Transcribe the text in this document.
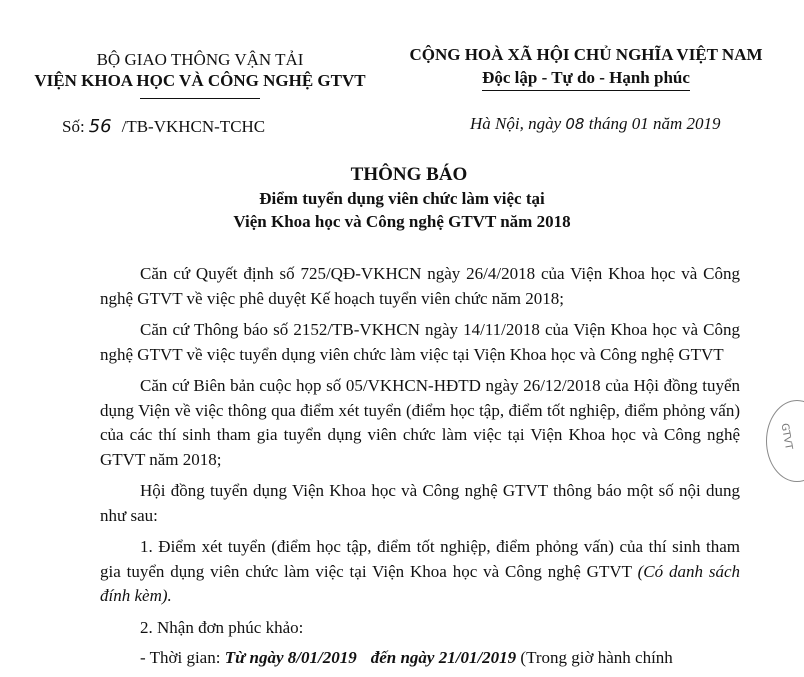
BỘ GIAO THÔNG VẬN TẢI
VIỆN KHOA HỌC VÀ CÔNG NGHỆ GTVT
CỘNG HOÀ XÃ HỘI CHỦ NGHĨA VIỆT NAM
Độc lập - Tự do - Hạnh phúc
Số: 56 /TB-VKHCN-TCHC	Hà Nội, ngày 08 tháng 01 năm 2019
THÔNG BÁO
Điểm tuyển dụng viên chức làm việc tại
Viện Khoa học và Công nghệ GTVT năm 2018

Căn cứ Quyết định số 725/QĐ-VKHCN ngày 26/4/2018 của Viện Khoa học và Công nghệ GTVT về việc phê duyệt Kế hoạch tuyển viên chức năm 2018;

Căn cứ Thông báo số 2152/TB-VKHCN ngày 14/11/2018 của Viện Khoa học và Công nghệ GTVT về việc tuyển dụng viên chức làm việc tại Viện Khoa học và Công nghệ GTVT

Căn cứ Biên bản cuộc họp số 05/VKHCN-HĐTD ngày 26/12/2018 của Hội đồng tuyển dụng Viện về việc thông qua điểm xét tuyển (điểm học tập, điểm tốt nghiệp, điểm phỏng vấn) của các thí sinh tham gia tuyển dụng viên chức làm việc tại Viện Khoa học và Công nghệ GTVT năm 2018;

Hội đồng tuyển dụng Viện Khoa học và Công nghệ GTVT thông báo một số nội dung như sau:

1. Điểm xét tuyển (điểm học tập, điểm tốt nghiệp, điểm phỏng vấn) của thí sinh tham gia tuyển dụng viên chức làm việc tại Viện Khoa học và Công nghệ GTVT (Có danh sách đính kèm).

2. Nhận đơn phúc khảo:

- Thời gian: Từ ngày 8/01/2019 đến ngày 21/01/2019 (Trong giờ hành chính

GTVT
